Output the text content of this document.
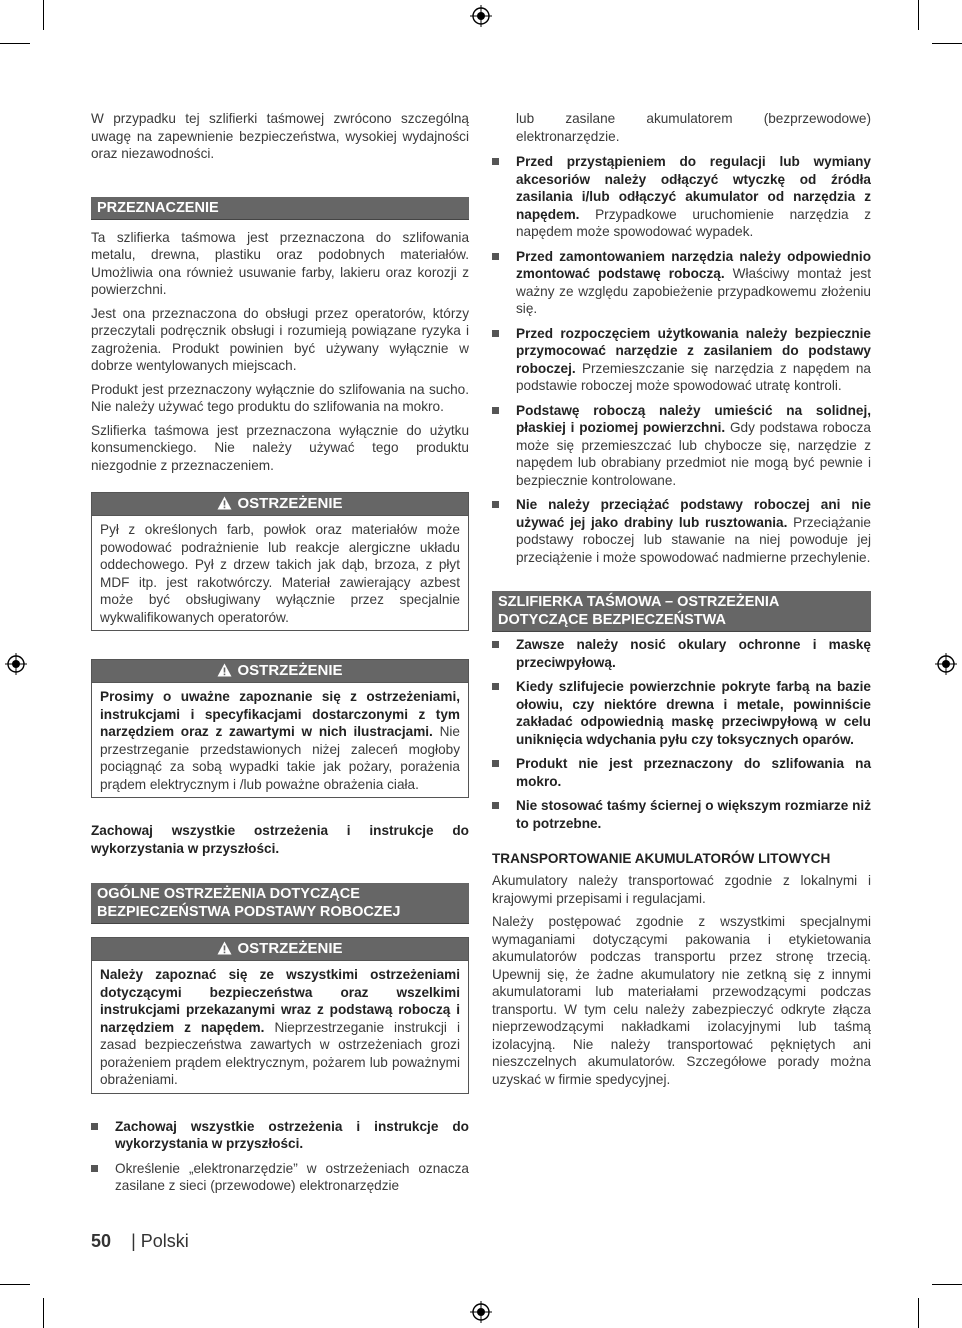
W przypadku tej szlifierki taśmowej zwrócono szczególną uwagę na zapewnienie bezpieczeństwa, wysokiej wydajności oraz niezawodności.

PRZEZNACZENIE

Ta szlifierka taśmowa jest przeznaczona do szlifowania metalu, drewna, plastiku oraz podobnych materiałów. Umożliwia ona również usuwanie farby, lakieru oraz korozji z powierzchni.

Jest ona przeznaczona do obsługi przez operatorów, którzy przeczytali podręcznik obsługi i rozumieją powiązane ryzyka i zagrożenia. Produkt powinien być używany wyłącznie w dobrze wentylowanych miejscach.

Produkt jest przeznaczony wyłącznie do szlifowania na sucho. Nie należy używać tego produktu do szlifowania na mokro.

Szlifierka taśmowa jest przeznaczona wyłącznie do użytku konsumenckiego. Nie należy używać tego produktu niezgodnie z przeznaczeniem.

OSTRZEŻENIE

Pył z określonych farb, powłok oraz materiałów może powodować podrażnienie lub reakcje alergiczne układu oddechowego. Pył z drzew takich jak dąb, brzoza, z płyt MDF itp. jest rakotwórczy. Materiał zawierający azbest może być obsługiwany wyłącznie przez specjalnie wykwalifikowanych operatorów.

OSTRZEŻENIE

Prosimy o uważne zapoznanie się z ostrzeżeniami, instrukcjami i specyfikacjami dostarczonymi z tym narzędziem oraz z zawartymi w nich ilustracjami. Nie przestrzeganie przedstawionych niżej zaleceń mogłoby pociągnąć za sobą wypadki takie jak pożary, porażenia prądem elektrycznym i /lub poważne obrażenia ciała.

Zachowaj wszystkie ostrzeżenia i instrukcje do wykorzystania w przyszłości.

OGÓLNE OSTRZEŻENIA DOTYCZĄCE BEZPIECZEŃSTWA PODSTAWY ROBOCZEJ
OSTRZEŻENIE

Należy zapoznać się ze wszystkimi ostrzeżeniami dotyczącymi bezpieczeństwa oraz wszelkimi instrukcjami przekazanymi wraz z podstawą roboczą i narzędziem z napędem. Nieprzestrzeganie instrukcji i zasad bezpieczeństwa zawartych w ostrzeżeniach grozi porażeniem prądem elektrycznym, pożarem lub poważnymi obrażeniami.

Zachowaj wszystkie ostrzeżenia i instrukcje do wykorzystania w przyszłości.
Określenie „elektronarzędzie” w ostrzeżeniach oznacza zasilane z sieci (przewodowe) elektronarzędzie

lub zasilane akumulatorem (bezprzewodowe) elektronarzędzie.

Przed przystąpieniem do regulacji lub wymiany akcesoriów należy odłączyć wtyczkę od źródła zasilania i/lub odłączyć akumulator od narzędzia z napędem. Przypadkowe uruchomienie narzędzia z napędem może spowodować wypadek.
Przed zamontowaniem narzędzia należy odpowiednio zmontować podstawę roboczą. Właściwy montaż jest ważny ze względu zapobieżenie przypadkowemu złożeniu się.
Przed rozpoczęciem użytkowania należy bezpiecznie przymocować narzędzie z zasilaniem do podstawy roboczej. Przemieszczanie się narzędzia z napędem na podstawie roboczej może spowodować utratę kontroli.
Podstawę roboczą należy umieścić na solidnej, płaskiej i poziomej powierzchni. Gdy podstawa robocza może się przemieszczać lub chybocze się, narzędzie z napędem lub obrabiany przedmiot nie mogą być pewnie i bezpiecznie kontrolowane.
Nie należy przeciążać podstawy roboczej ani nie używać jej jako drabiny lub rusztowania. Przeciążanie podstawy roboczej lub stawanie na niej powoduje jej przeciążenie i może spowodować nadmierne przechylenie.
SZLIFIERKA TAŚMOWA – OSTRZEŻENIA DOTYCZĄCE BEZPIECZEŃSTWA
Zawsze należy nosić okulary ochronne i maskę przeciwpyłową.
Kiedy szlifujecie powierzchnie pokryte farbą na bazie ołowiu, czy niektóre drewna i metale, powinniście zakładać odpowiednią maskę przeciwpyłową w celu uniknięcia wdychania pyłu czy toksycznych oparów.
Produkt nie jest przeznaczony do szlifowania na mokro.
Nie stosować taśmy ściernej o większym rozmiarze niż to potrzebne.
TRANSPORTOWANIE AKUMULATORÓW LITOWYCH

Akumulatory należy transportować zgodnie z lokalnymi i krajowymi przepisami i regulacjami.

Należy postępować zgodnie z wszystkimi specjalnymi wymaganiami dotyczącymi pakowania i etykietowania akumulatorów podczas transportu przez stronę trzecią. Upewnij się, że żadne akumulatory nie zetkną się z innymi akumulatorami lub materiałami przewodzącymi podczas transportu. W tym celu należy zabezpieczyć odkryte złącza nieprzewodzącymi nakładkami izolacyjnymi lub taśmą izolacyjną. Nie należy transportować pękniętych ani nieszczelnych akumulatorów. Szczegółowe porady można uzyskać w firmie spedycyjnej.

50 | Polski
